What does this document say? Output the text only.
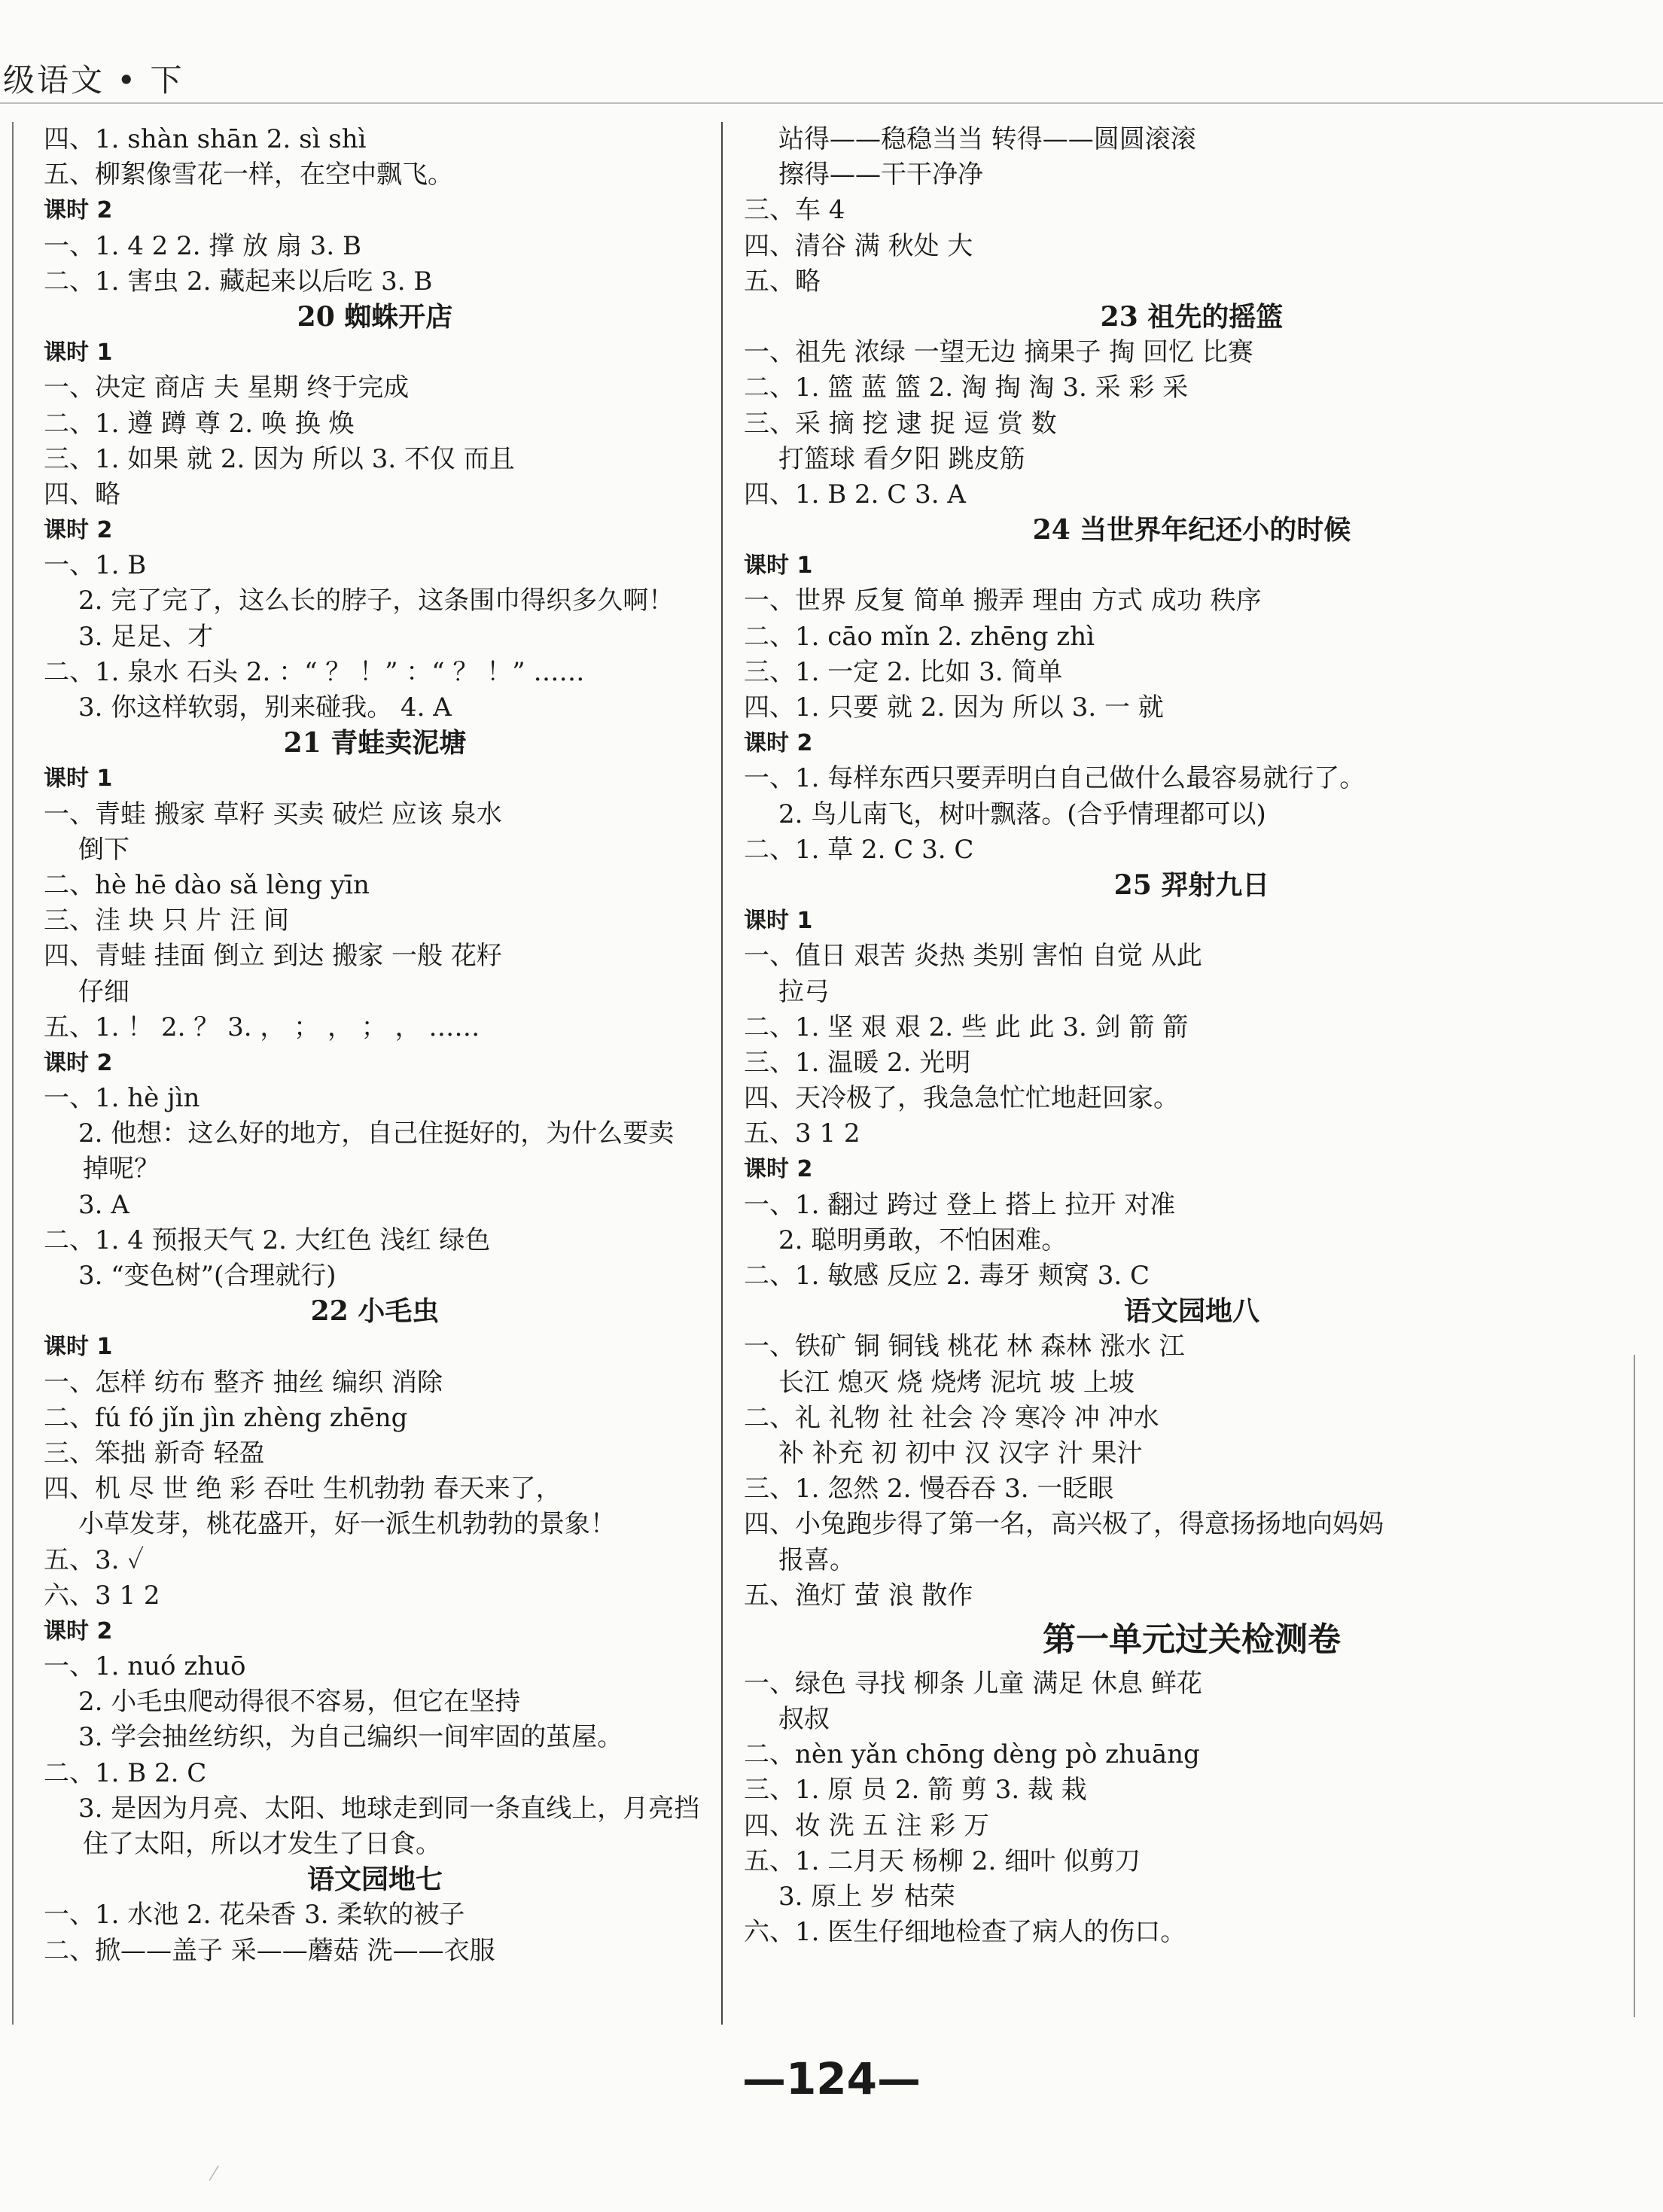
级语文 • 下
四、1. shàn shān 2. sì shì
五、柳絮像雪花一样，在空中飘飞。
课时 2
一、1. 4 2 2. 撑 放 扇 3. B
二、1. 害虫 2. 藏起来以后吃 3. B
20 蜘蛛开店
课时 1
一、决定 商店 夫 星期 终于完成
二、1. 遵 蹲 尊 2. 唤 换 焕
三、1. 如果 就 2. 因为 所以 3. 不仅 而且
四、略
课时 2
一、1. B
2. 完了完了，这么长的脖子，这条围巾得织多久啊！
3. 足足、才
二、1. 泉水 石头 2. ：“ ？ ！” ：“ ？ ！” ……
3. 你这样软弱，别来碰我。 4. A
21 青蛙卖泥塘
课时 1
一、青蛙 搬家 草籽 买卖 破烂 应该 泉水
倒下
二、hè hē dào sǎ lèng yīn
三、洼 块 只 片 汪 间
四、青蛙 挂面 倒立 到达 搬家 一般 花籽
仔细
五、1. ！ 2. ？ 3. ， ； ， ； ， ……
课时 2
一、1. hè jìn
2. 他想：这么好的地方，自己住挺好的，为什么要卖
掉呢？
3. A
二、1. 4 预报天气 2. 大红色 浅红 绿色
3. “变色树”(合理就行)
22 小毛虫
课时 1
一、怎样 纺布 整齐 抽丝 编织 消除
二、fú fó jǐn jìn zhèng zhēng
三、笨拙 新奇 轻盈
四、机 尽 世 绝 彩 吞吐 生机勃勃 春天来了，
小草发芽，桃花盛开，好一派生机勃勃的景象！
五、3. ✓
六、3 1 2
课时 2
一、1. nuó zhuō
2. 小毛虫爬动得很不容易，但它在坚持
3. 学会抽丝纺织，为自己编织一间牢固的茧屋。
二、1. B 2. C
3. 是因为月亮、太阳、地球走到同一条直线上，月亮挡
住了太阳，所以才发生了日食。
语文园地七
一、1. 水池 2. 花朵香 3. 柔软的被子
二、掀——盖子 采——蘑菇 洗——衣服
站得——稳稳当当 转得——圆圆滚滚
擦得——干干净净
三、车 4
四、清谷 满 秋处 大
五、略
23 祖先的摇篮
一、祖先 浓绿 一望无边 摘果子 掏 回忆 比赛
二、1. 篮 蓝 篮 2. 淘 掏 淘 3. 采 彩 采
三、采 摘 挖 逮 捉 逗 赏 数
打篮球 看夕阳 跳皮筋
四、1. B 2. C 3. A
24 当世界年纪还小的时候
课时 1
一、世界 反复 简单 搬弄 理由 方式 成功 秩序
二、1. cāo mǐn 2. zhēng zhì
三、1. 一定 2. 比如 3. 简单
四、1. 只要 就 2. 因为 所以 3. 一 就
课时 2
一、1. 每样东西只要弄明白自己做什么最容易就行了。
2. 鸟儿南飞，树叶飘落。(合乎情理都可以)
二、1. 草 2. C 3. C
25 羿射九日
课时 1
一、值日 艰苦 炎热 类别 害怕 自觉 从此
拉弓
二、1. 坚 艰 艰 2. 些 此 此 3. 剑 箭 箭
三、1. 温暖 2. 光明
四、天冷极了，我急急忙忙地赶回家。
五、3 1 2
课时 2
一、1. 翻过 跨过 登上 搭上 拉开 对准
2. 聪明勇敢，不怕困难。
二、1. 敏感 反应 2. 毒牙 颊窝 3. C
语文园地八
一、铁矿 铜 铜钱 桃花 林 森林 涨水 江
长江 熄灭 烧 烧烤 泥坑 坡 上坡
二、礼 礼物 社 社会 冷 寒冷 冲 冲水
补 补充 初 初中 汉 汉字 汁 果汁
三、1. 忽然 2. 慢吞吞 3. 一眨眼
四、小兔跑步得了第一名，高兴极了，得意扬扬地向妈妈
报喜。
五、渔灯 萤 浪 散作
第一单元过关检测卷
一、绿色 寻找 柳条 儿童 满足 休息 鲜花
叔叔
二、nèn yǎn chōng dèng pò zhuāng
三、1. 原 员 2. 箭 剪 3. 裁 栽
四、妆 洗 五 注 彩 万
五、1. 二月天 杨柳 2. 细叶 似剪刀
3. 原上 岁 枯荣
六、1. 医生仔细地检查了病人的伤口。
—124—
⁄
